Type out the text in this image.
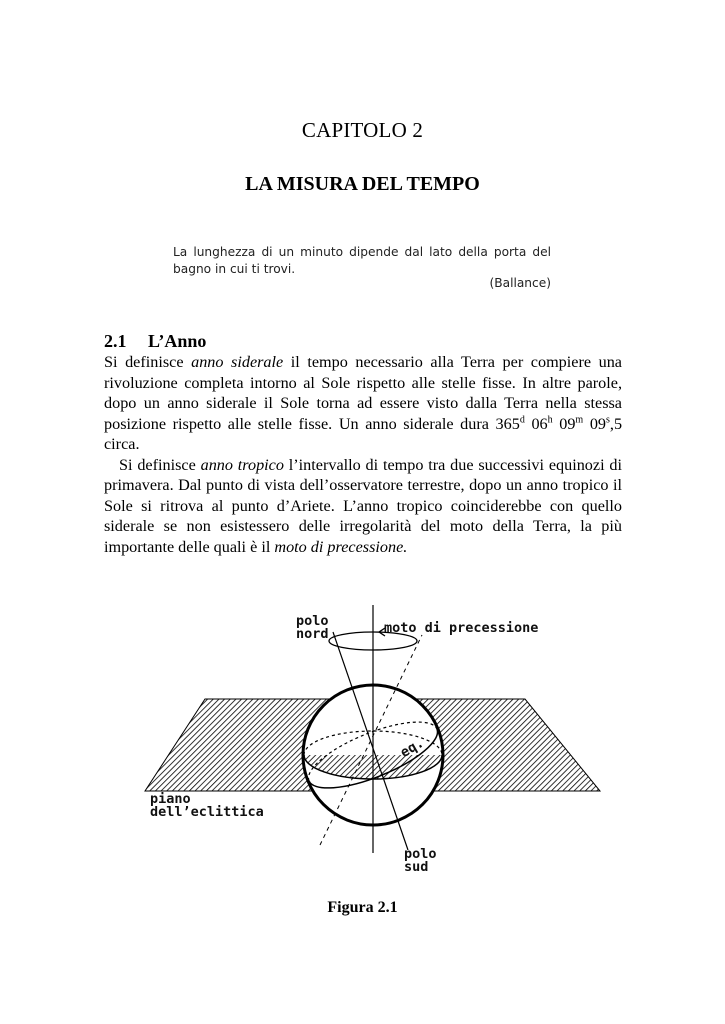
CAPITOLO 2
LA MISURA DEL TEMPO
La lunghezza di un minuto dipende dal lato della porta del bagno in cui ti trovi.
(Ballance)
2.1 L’Anno

Si definisce anno siderale il tempo necessario alla Terra per compiere una rivoluzione completa intorno al Sole rispetto alle stelle fisse. In altre parole, dopo un anno siderale il Sole torna ad essere visto dalla Terra nella stessa posizione rispetto alle stelle fisse. Un anno siderale dura 365$^d$ 06$^h$ 09$^m$ 09$^s$,5 circa.

Si definisce anno tropico l’intervallo di tempo tra due successivi equinozi di primavera. Dal punto di vista dell’osservatore terrestre, dopo un anno tropico il Sole si ritrova al punto d’Ariete. L’anno tropico coinciderebbe con quello siderale se non esistessero delle irregolarità del moto della Terra, la più importante delle quali è il moto di precessione.

polo
nord	moto di precessione
eq.
piano
dell’eclittica
polo
sud
Figura 2.1
